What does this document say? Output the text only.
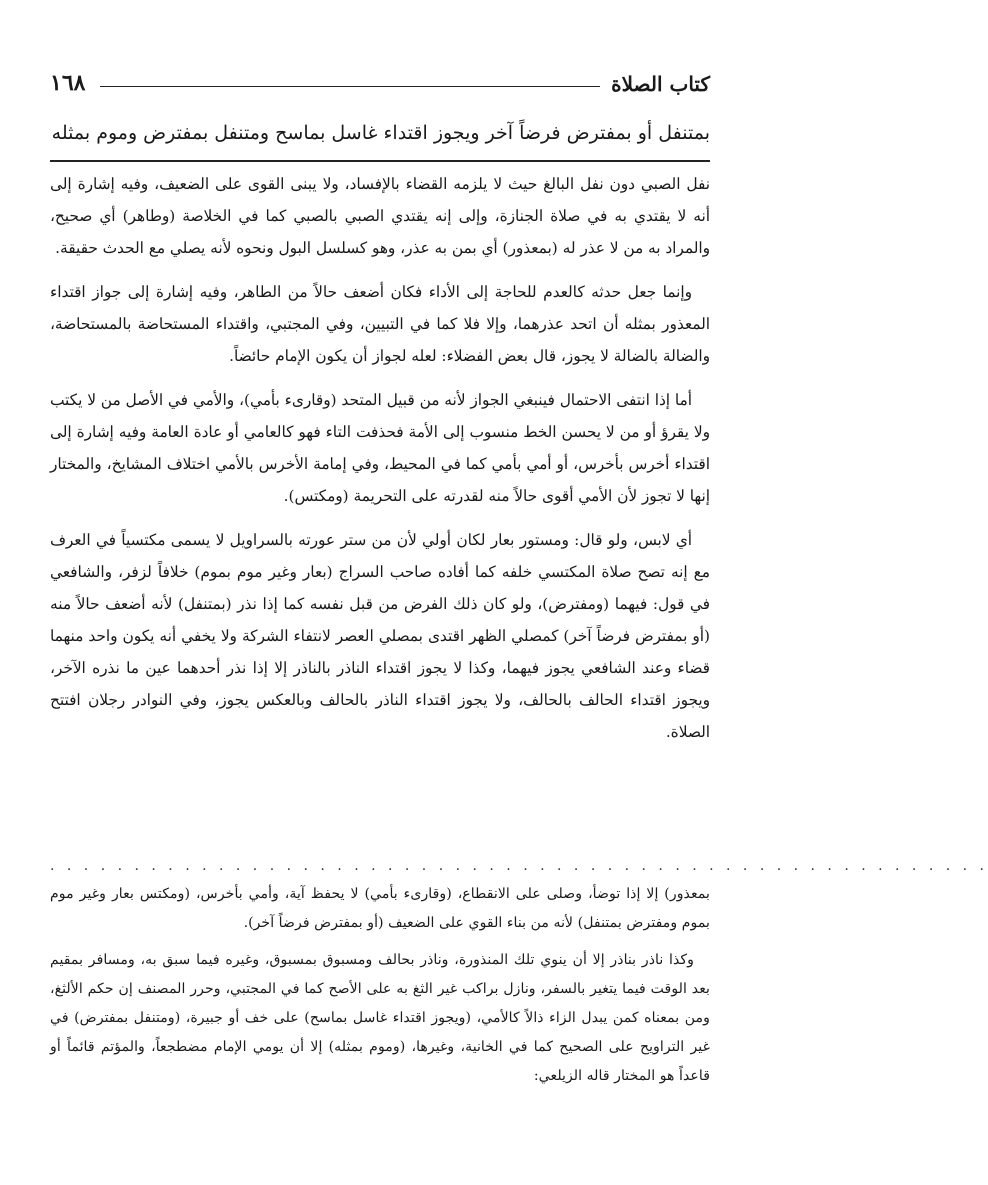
١٦٨	كتاب الصلاة
بمتنفل أو بمفترض فرضاً آخر ويجوز اقتداء غاسل بماسح ومتنفل بمفترض وموم بمثله

نفل الصبي دون نفل البالغ حيث لا يلزمه القضاء بالإفساد، ولا يبنى القوى على الضعيف، وفيه إشارة إلى أنه لا يقتدي به في صلاة الجنازة، وإلى إنه يقتدي الصبي بالصبي كما في الخلاصة (وطاهر) أي صحيح، والمراد به من لا عذر له (بمعذور) أي بمن به عذر، وهو كسلسل البول ونحوه لأنه يصلي مع الحدث حقيقة.

وإنما جعل حدثه كالعدم للحاجة إلى الأداء فكان أضعف حالاً من الطاهر، وفيه إشارة إلى جواز اقتداء المعذور بمثله أن اتحد عذرهما، وإلا فلا كما في التبيين، وفي المجتبي، واقتداء المستحاضة بالمستحاضة، والضالة بالضالة لا يجوز، قال بعض الفضلاء: لعله لجواز أن يكون الإمام حائضاً.

أما إذا انتفى الاحتمال فينبغي الجواز لأنه من قبيل المتحد (وقارىء بأمي)، والأمي في الأصل من لا يكتب ولا يقرؤ أو من لا يحسن الخط منسوب إلى الأمة فحذفت التاء فهو كالعامي أو عادة العامة وفيه إشارة إلى اقتداء أخرس بأخرس، أو أمي بأمي كما في المحيط، وفي إمامة الأخرس بالأمي اختلاف المشايخ، والمختار إنها لا تجوز لأن الأمي أقوى حالاً منه لقدرته على التحريمة (ومكتس).

أي لابس، ولو قال: ومستور بعار لكان أولي لأن من ستر عورته بالسراويل لا يسمى مكتسياً في العرف مع إنه تصح صلاة المكتسي خلفه كما أفاده صاحب السراج (بعار وغير موم بموم) خلافاً لزفر، والشافعي في قول: فيهما (ومفترض)، ولو كان ذلك الفرض من قبل نفسه كما إذا نذر (بمتنفل) لأنه أضعف حالاً منه (أو بمفترض فرضاً آخر) كمصلي الظهر اقتدى بمصلي العصر لانتفاء الشركة ولا يخفي أنه يكون واحد منهما قضاء وعند الشافعي يجوز فيهما، وكذا لا يجوز اقتداء الناذر بالناذر إلا إذا نذر أحدهما عين ما نذره الآخر، ويجوز اقتداء الحالف بالحالف، ولا يجوز اقتداء الناذر بالحالف وبالعكس يجوز، وفي النوادر رجلان افتتح الصلاة.

. . . . . . . . . . . . . . . . . . . . . . . . . . . . . . . . . . . . . . . . . . . . . . . . . . . . . . . .

بمعذور) إلا إذا توضأ، وصلى على الانقطاع، (وقارىء بأمي) لا يحفظ آية، وأمي بأخرس، (ومكتس بعار وغير موم بموم ومفترض بمتنفل) لأنه من بناء القوي على الضعيف (أو بمفترض فرضاً آخر).

وكذا ناذر بناذر إلا أن ينوي تلك المنذورة، وناذر بحالف ومسبوق بمسبوق، وغيره فيما سبق به، ومسافر بمقيم بعد الوقت فيما يتغير بالسفر، ونازل براكب غير الثغ به على الأصح كما في المجتبي، وحرر المصنف إن حكم الألثغ، ومن بمعناه كمن يبدل الزاء ذالاً كالأمي، (ويجوز اقتداء غاسل بماسح) على خف أو جبيرة، (ومتنفل بمفترض) في غير التراويح على الصحيح كما في الخانية، وغيرها، (وموم بمثله) إلا أن يومي الإمام مضطجعاً، والمؤتم قائماً أو قاعداً هو المختار قاله الزيلعي:
